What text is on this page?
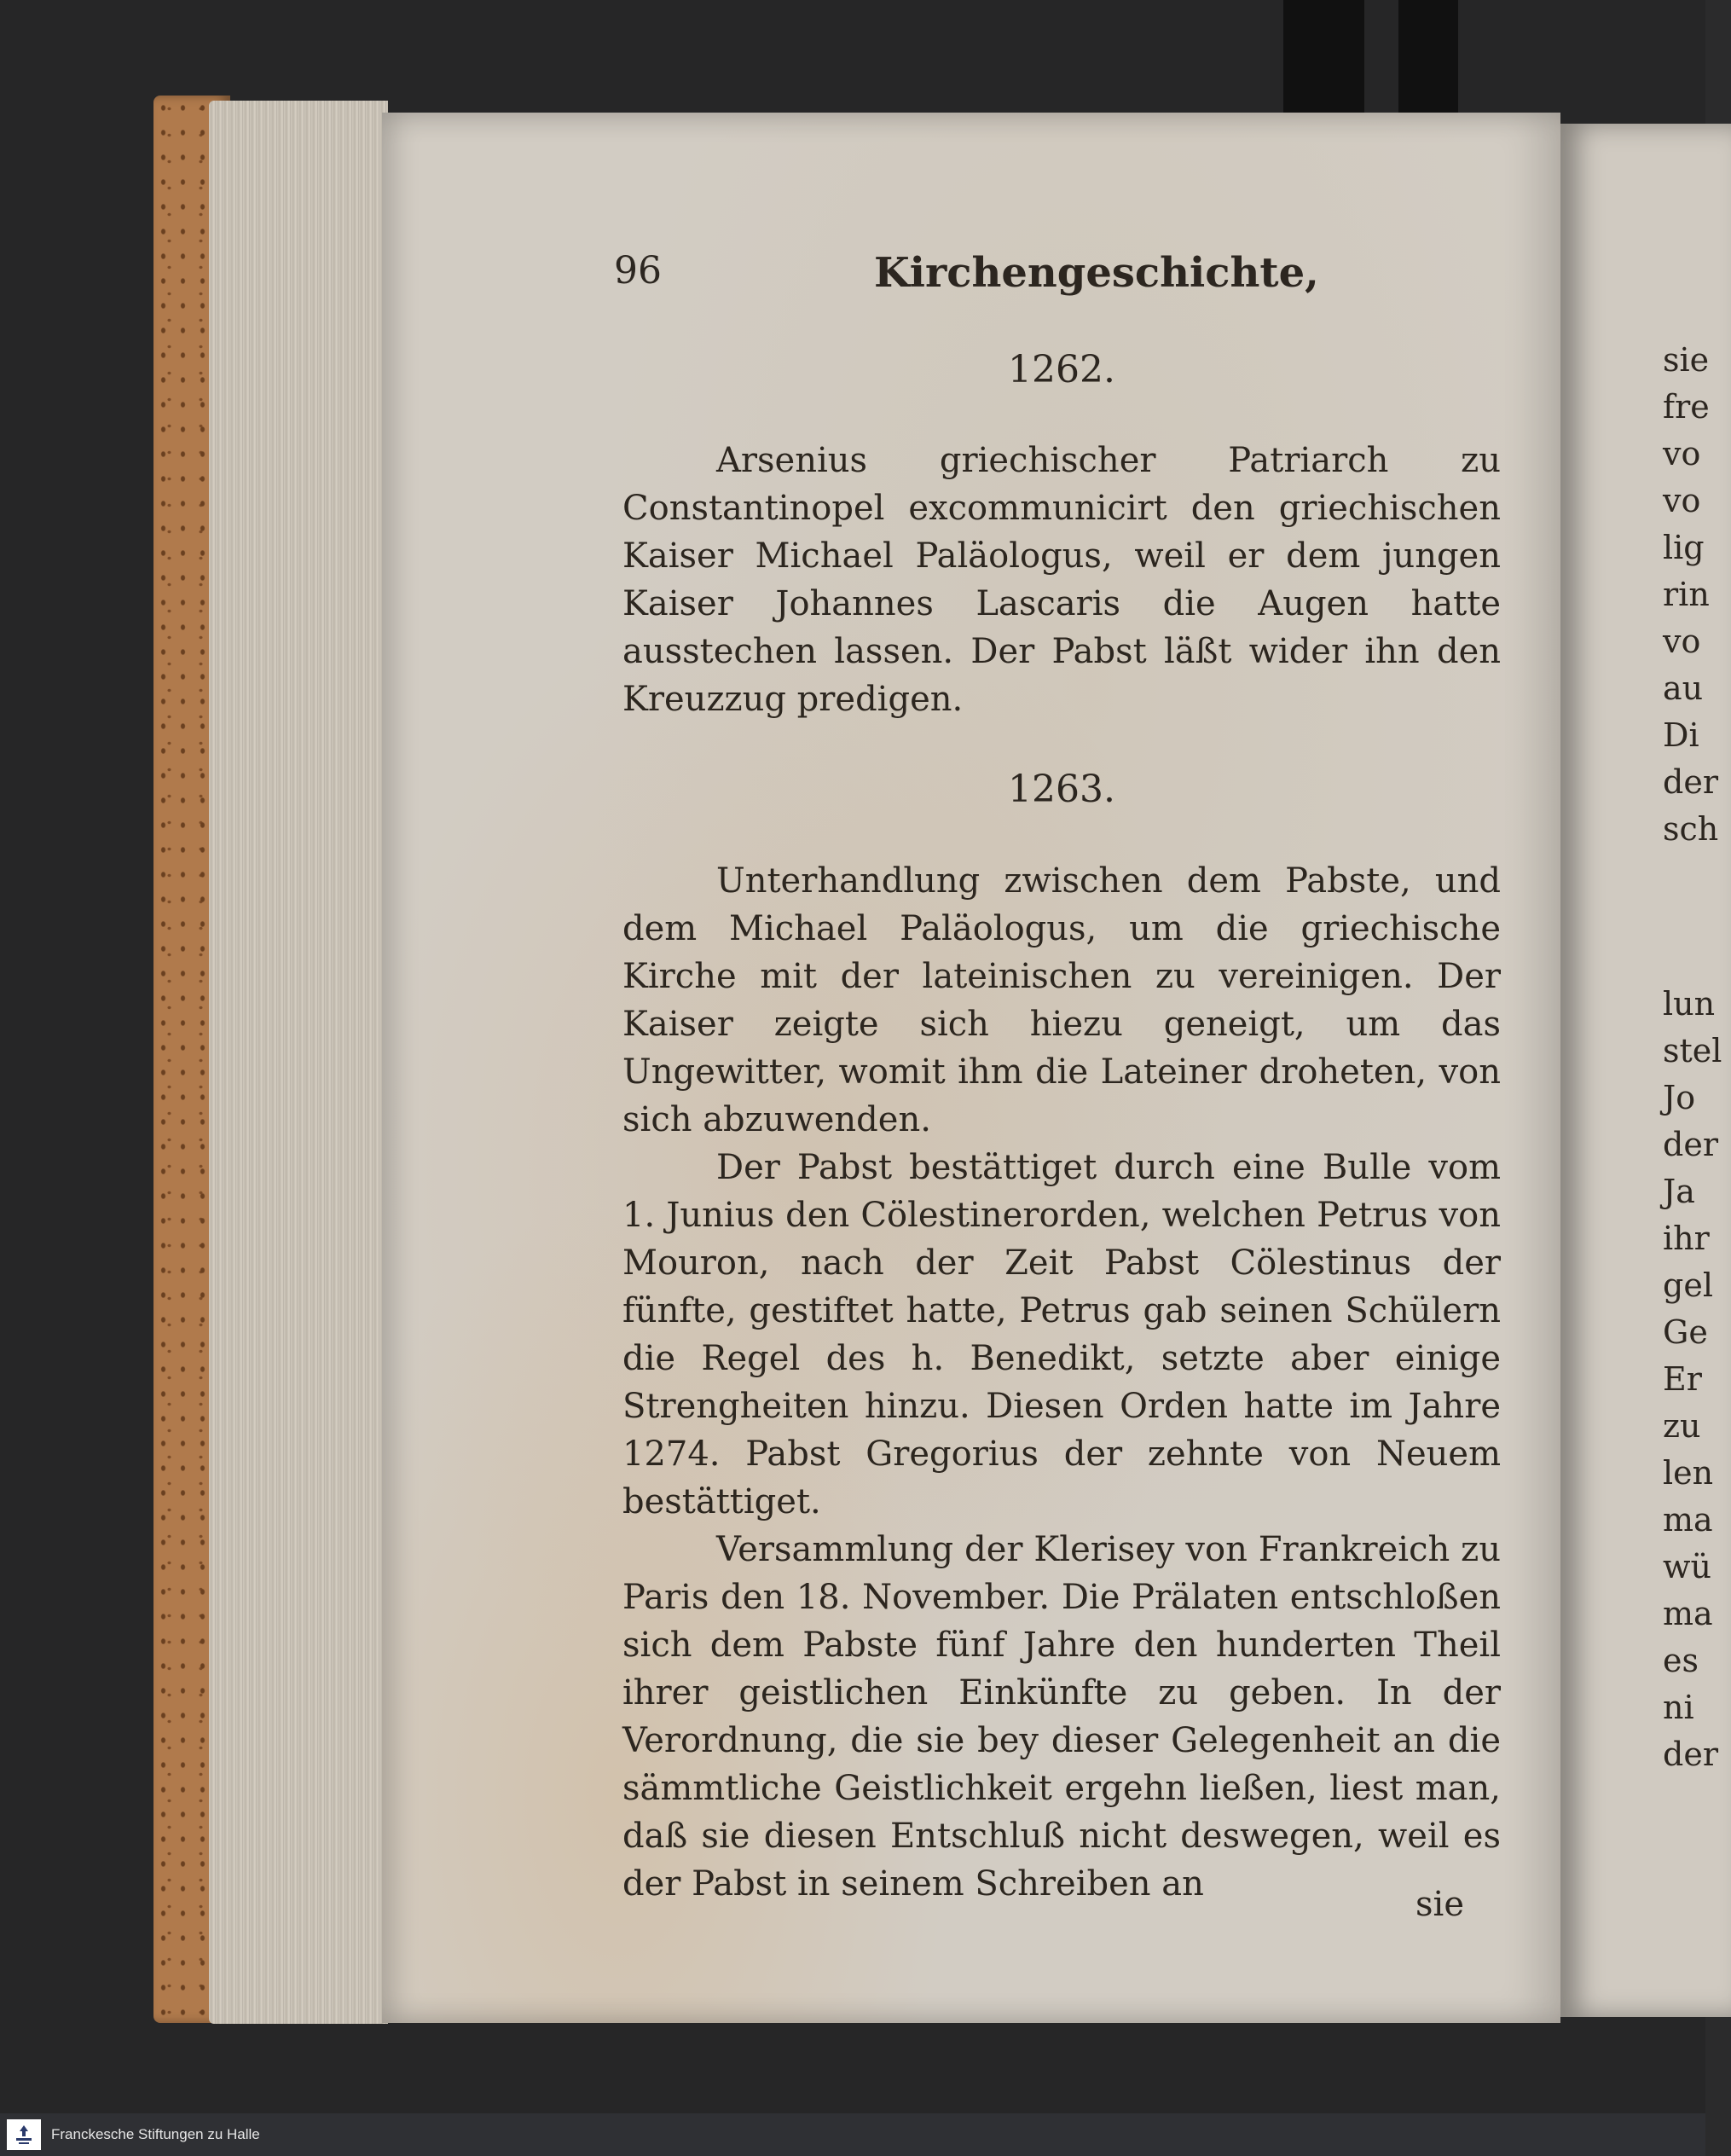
96	Kirchengeschichte,
1262.

Arsenius griechischer Patriarch zu Constantinopel excommunicirt den griechischen Kaiser Michael Paläologus, weil er dem jungen Kaiser Johannes Lascaris die Augen hatte ausstechen lassen. Der Pabst läßt wider ihn den Kreuzzug predigen.

1263.

Unterhandlung zwischen dem Pabste, und dem Michael Paläologus, um die griechische Kirche mit der lateinischen zu vereinigen. Der Kaiser zeigte sich hiezu geneigt, um das Ungewitter, womit ihm die Lateiner droheten, von sich abzuwenden.

Der Pabst bestättiget durch eine Bulle vom 1. Junius den Cölestinerorden, welchen Petrus von Mouron, nach der Zeit Pabst Cölestinus der fünfte, gestiftet hatte, Petrus gab seinen Schülern die Regel des h. Benedikt, setzte aber einige Strengheiten hinzu. Diesen Orden hatte im Jahre 1274. Pabst Gregorius der zehnte von Neuem bestättiget.

Versammlung der Klerisey von Frankreich zu Paris den 18. November. Die Prälaten entschloßen sich dem Pabste fünf Jahre den hunderten Theil ihrer geistlichen Einkünfte zu geben. In der Verordnung, die sie bey dieser Gelegenheit an die sämmtliche Geistlichkeit ergehn ließen, liest man, daß sie diesen Entschluß nicht deswegen, weil es der Pabst in seinem Schreiben an

sie
sie
fre
vo
vo
lig
rin
vo
au
Di
der
sch
lun
stel
Jo
der
Ja
ihr
gel
Ge
Er
zu
len
ma
wü
ma
es
ni
der
Franckesche Stiftungen zu Halle
